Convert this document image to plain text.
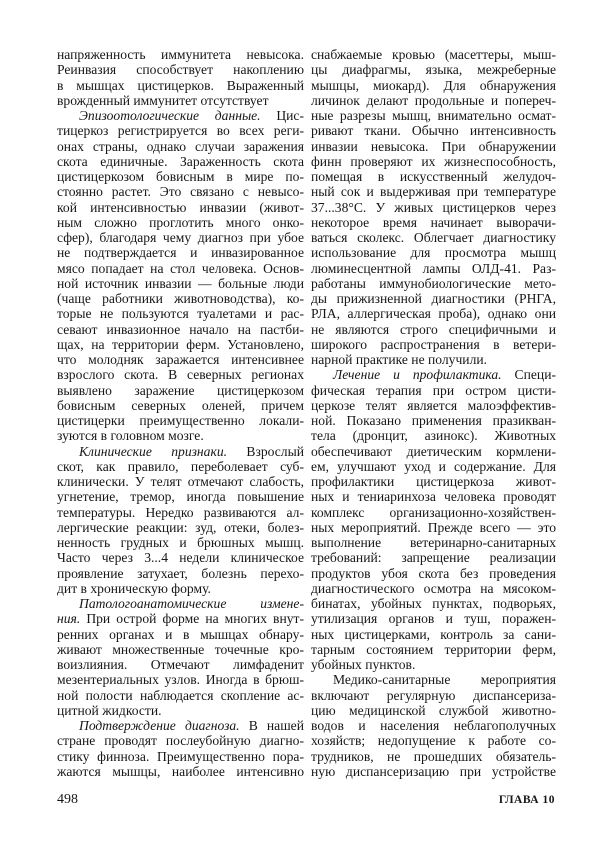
напряженность иммунитета невысока.
Реинвазия способствует накоплению
в мышцах цистицерков. Выраженный
врожденный иммунитет отсутствует
Эпизоотологические данные. Цис-
тицеркоз регистрируется во всех реги-
онах страны, однако случаи заражения
скота единичные. Зараженность скота
цистицеркозом бовисным в мире по-
стоянно растет. Это связано с невысо-
кой интенсивностью инвазии (живот-
ным сложно проглотить много онко-
сфер), благодаря чему диагноз при убое
не подтверждается и инвазированное
мясо попадает на стол человека. Основ-
ной источник инвазии — больные люди
(чаще работники животноводства), ко-
торые не пользуются туалетами и рас-
севают инвазионное начало на пастби-
щах, на территории ферм. Установлено,
что молодняк заражается интенсивнее
взрослого скота. В северных регионах
выявлено заражение цистицеркозом
бовисным северных оленей, причем
цистицерки преимущественно локали-
зуются в головном мозге.
Клинические признаки. Взрослый
скот, как правило, переболевает суб-
клинически. У телят отмечают слабость,
угнетение, тремор, иногда повышение
температуры. Нередко развиваются ал-
лергические реакции: зуд, отеки, болез-
ненность грудных и брюшных мышц.
Часто через 3...4 недели клиническое
проявление затухает, болезнь перехо-
дит в хроническую форму.
Патологоанатомические измене-
ния. При острой форме на многих внут-
ренних органах и в мышцах обнару-
живают множественные точечные кро-
воизлияния. Отмечают лимфаденит
мезентериальных узлов. Иногда в брюш-
ной полости наблюдается скопление ас-
цитной жидкости.
Подтверждение диагноза. В нашей
стране проводят послеубойную диагно-
стику финноза. Преимущественно пора-
жаются мышцы, наиболее интенсивно
снабжаемые кровью (масеттеры, мыш-
цы диафрагмы, языка, межреберные
мышцы, миокард). Для обнаружения
личинок делают продольные и попереч-
ные разрезы мышц, внимательно осмат-
ривают ткани. Обычно интенсивность
инвазии невысока. При обнаружении
финн проверяют их жизнеспособность,
помещая в искусственный желудоч-
ный сок и выдерживая при температуре
37...38°С. У живых цистицерков через
некоторое время начинает выворачи-
ваться сколекс. Облегчает диагностику
использование для просмотра мышц
люминесцентной лампы ОЛД-41. Раз-
работаны иммунобиологические мето-
ды прижизненной диагностики (РНГА,
РЛА, аллергическая проба), однако они
не являются строго специфичными и
широкого распространения в ветери-
нарной практике не получили.
Лечение и профилактика. Специ-
фическая терапия при остром цисти-
церкозе телят является малоэффектив-
ной. Показано применения празикван-
тела (дронцит, азинокс). Животных
обеспечивают диетическим кормлени-
ем, улучшают уход и содержание. Для
профилактики цистицеркоза живот-
ных и тениаринхоза человека проводят
комплекс организационно-хозяйствен-
ных мероприятий. Прежде всего — это
выполнение ветеринарно-санитарных
требований: запрещение реализации
продуктов убоя скота без проведения
диагностического осмотра на мясоком-
бинатах, убойных пунктах, подворьях,
утилизация органов и туш, поражен-
ных цистицерками, контроль за сани-
тарным состоянием территории ферм,
убойных пунктов.
Медико-санитарные мероприятия
включают регулярную диспансериза-
цию медицинской службой животно-
водов и населения неблагополучных
хозяйств; недопущение к работе со-
трудников, не прошедших обязатель-
ную диспансеризацию при устройстве
498	ГЛАВА 10
